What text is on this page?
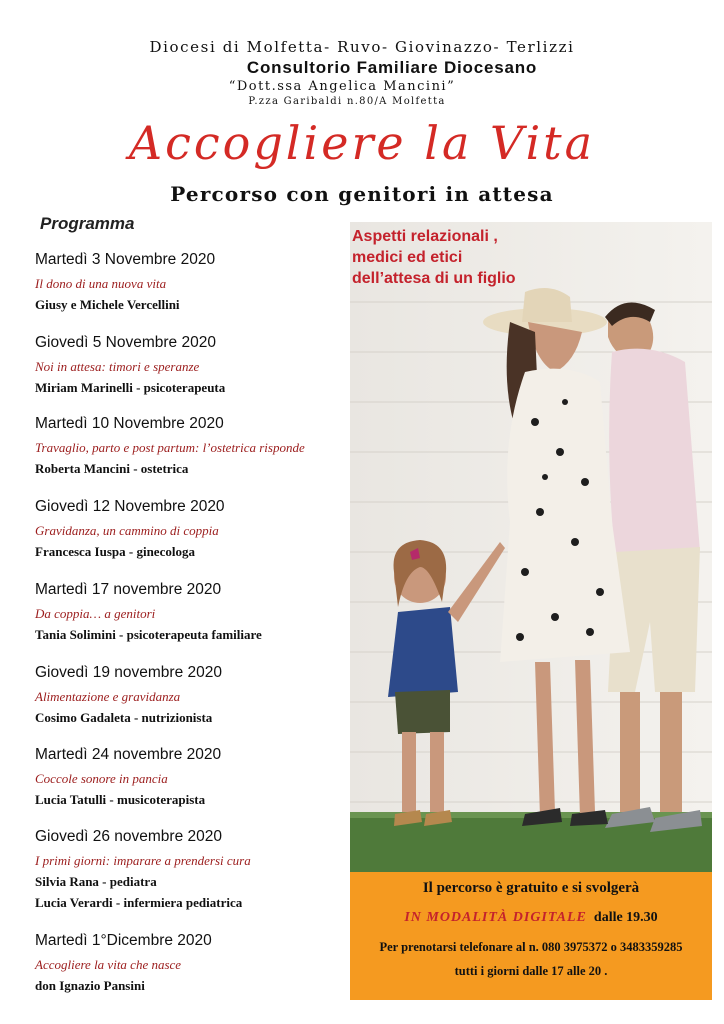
Diocesi di Molfetta- Ruvo- Giovinazzo- Terlizzi
Consultorio Familiare Diocesano
“Dott.ssa Angelica Mancini”
P.zza Garibaldi n.80/A Molfetta
Accogliere la Vita
Percorso con genitori in attesa
Programma
Martedì 3 Novembre 2020
Il dono di una nuova vita
Giusy e Michele Vercellini
Giovedì 5 Novembre 2020
Noi in attesa: timori e speranze
Miriam Marinelli - psicoterapeuta
Martedì 10 Novembre 2020
Travaglio, parto e post partum: l’ostetrica risponde
Roberta Mancini - ostetrica
Giovedì 12 Novembre 2020
Gravidanza, un cammino di coppia
Francesca Iuspa - ginecologa
Martedì 17 novembre 2020
Da coppia… a genitori
Tania Solimini - psicoterapeuta familiare
Giovedì 19 novembre 2020
Alimentazione e gravidanza
Cosimo Gadaleta - nutrizionista
Martedì 24 novembre 2020
Coccole sonore in pancia
Lucia Tatulli - musicoterapista
Giovedì 26 novembre 2020
I primi giorni: imparare a prendersi cura
Silvia Rana - pediatra
Lucia Verardi - infermiera pediatrica
Martedì 1°Dicembre 2020
Accogliere la vita che nasce
don Ignazio Pansini
Aspetti relazionali ,
medici ed etici
dell’attesa di un figlio
Il percorso è gratuito e si svolgerà
IN MODALITÀ DIGITALE dalle 19.30
Per prenotarsi telefonare al n. 080 3975372 o 3483359285
tutti i giorni dalle 17 alle 20 .
